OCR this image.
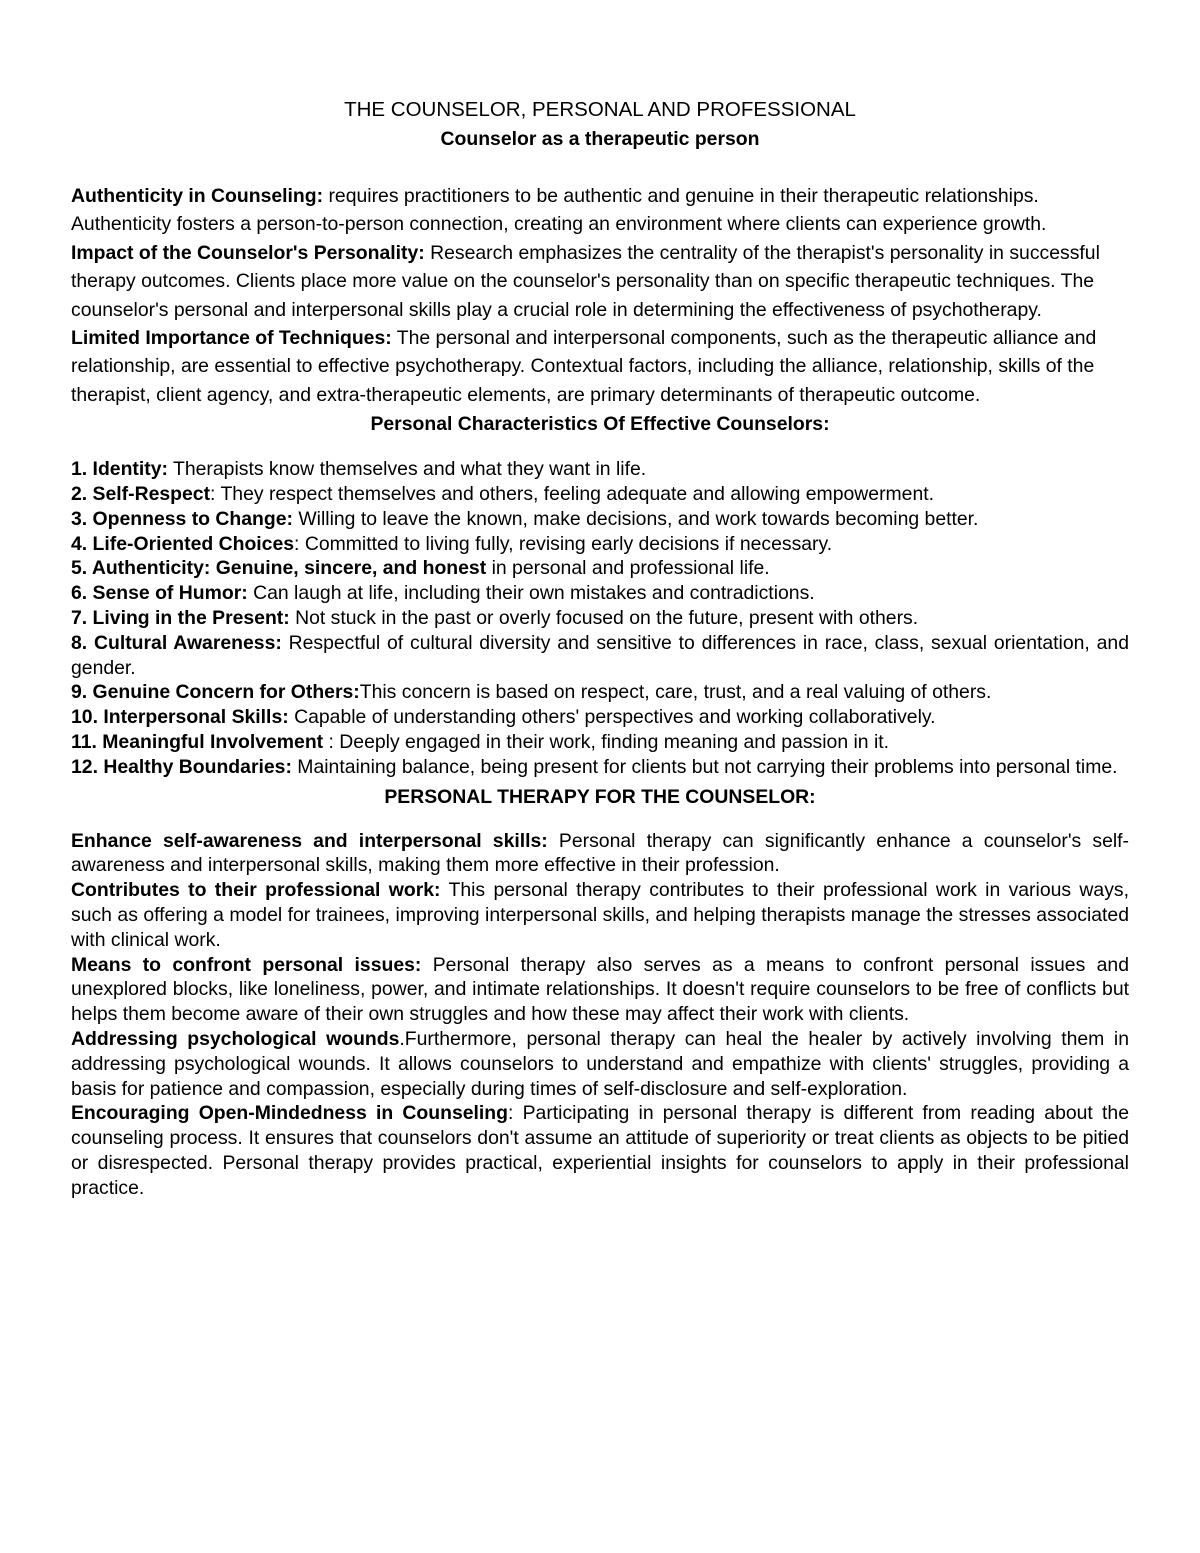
THE COUNSELOR, PERSONAL AND PROFESSIONAL

Counselor as a therapeutic person

Authenticity in Counseling: requires practitioners to be authentic and genuine in their therapeutic relationships. Authenticity fosters a person-to-person connection, creating an environment where clients can experience growth.

Impact of the Counselor's Personality: Research emphasizes the centrality of the therapist's personality in successful therapy outcomes. Clients place more value on the counselor's personality than on specific therapeutic techniques. The counselor's personal and interpersonal skills play a crucial role in determining the effectiveness of psychotherapy.

Limited Importance of Techniques: The personal and interpersonal components, such as the therapeutic alliance and relationship, are essential to effective psychotherapy. Contextual factors, including the alliance, relationship, skills of the therapist, client agency, and extra-therapeutic elements, are primary determinants of therapeutic outcome.

Personal Characteristics Of Effective Counselors:

1. Identity: Therapists know themselves and what they want in life.

2. Self-Respect: They respect themselves and others, feeling adequate and allowing empowerment.

3. Openness to Change: Willing to leave the known, make decisions, and work towards becoming better.

4. Life-Oriented Choices: Committed to living fully, revising early decisions if necessary.

5. Authenticity: Genuine, sincere, and honest in personal and professional life.

6. Sense of Humor: Can laugh at life, including their own mistakes and contradictions.

7. Living in the Present: Not stuck in the past or overly focused on the future, present with others.

8. Cultural Awareness: Respectful of cultural diversity and sensitive to differences in race, class, sexual orientation, and gender.

9. Genuine Concern for Others:This concern is based on respect, care, trust, and a real valuing of others.

10. Interpersonal Skills: Capable of understanding others' perspectives and working collaboratively.

11. Meaningful Involvement : Deeply engaged in their work, finding meaning and passion in it.

12. Healthy Boundaries: Maintaining balance, being present for clients but not carrying their problems into personal time.

PERSONAL THERAPY FOR THE COUNSELOR:

Enhance self-awareness and interpersonal skills: Personal therapy can significantly enhance a counselor's self-awareness and interpersonal skills, making them more effective in their profession.

Contributes to their professional work: This personal therapy contributes to their professional work in various ways, such as offering a model for trainees, improving interpersonal skills, and helping therapists manage the stresses associated with clinical work.

Means to confront personal issues: Personal therapy also serves as a means to confront personal issues and unexplored blocks, like loneliness, power, and intimate relationships. It doesn't require counselors to be free of conflicts but helps them become aware of their own struggles and how these may affect their work with clients.

Addressing psychological wounds.Furthermore, personal therapy can heal the healer by actively involving them in addressing psychological wounds. It allows counselors to understand and empathize with clients' struggles, providing a basis for patience and compassion, especially during times of self-disclosure and self-exploration.

Encouraging Open-Mindedness in Counseling: Participating in personal therapy is different from reading about the counseling process. It ensures that counselors don't assume an attitude of superiority or treat clients as objects to be pitied or disrespected. Personal therapy provides practical, experiential insights for counselors to apply in their professional practice.
